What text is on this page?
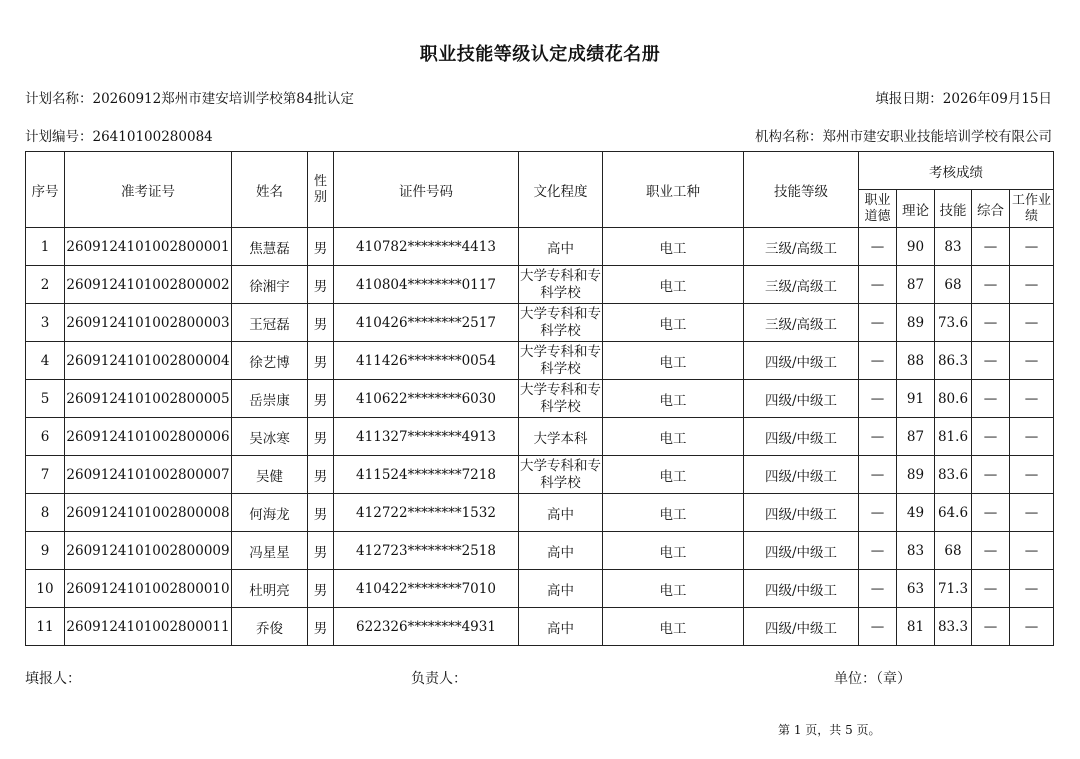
职业技能等级认定成绩花名册
计划名称：20260912郑州市建安培训学校第84批认定	填报日期：2026年09月15日
计划编号：26410100280084	机构名称：郑州市建安职业技能培训学校有限公司
序号	准考证号	姓名	性别	证件号码	文化程度	职业工种	技能等级	考核成绩				
								职业道德	理论	技能	综合	工作业绩
1	2609124101002800001	焦慧磊	男	410782********4413	高中	电工	三级/高级工	—	90	83	—	—
2	2609124101002800002	徐湘宇	男	410804********0117	大学专科和专科学校	电工	三级/高级工	—	87	68	—	—
3	2609124101002800003	王冠磊	男	410426********2517	大学专科和专科学校	电工	三级/高级工	—	89	73.6	—	—
4	2609124101002800004	徐艺博	男	411426********0054	大学专科和专科学校	电工	四级/中级工	—	88	86.3	—	—
5	2609124101002800005	岳崇康	男	410622********6030	大学专科和专科学校	电工	四级/中级工	—	91	80.6	—	—
6	2609124101002800006	吴冰寒	男	411327********4913	大学本科	电工	四级/中级工	—	87	81.6	—	—
7	2609124101002800007	吴健	男	411524********7218	大学专科和专科学校	电工	四级/中级工	—	89	83.6	—	—
8	2609124101002800008	何海龙	男	412722********1532	高中	电工	四级/中级工	—	49	64.6	—	—
9	2609124101002800009	冯星星	男	412723********2518	高中	电工	四级/中级工	—	83	68	—	—
10	2609124101002800010	杜明亮	男	410422********7010	高中	电工	四级/中级工	—	63	71.3	—	—
11	2609124101002800011	乔俊	男	622326********4931	高中	电工	四级/中级工	—	81	83.3	—	—
填报人：	负责人：	单位：（章）
第 1 页，共 5 页。
